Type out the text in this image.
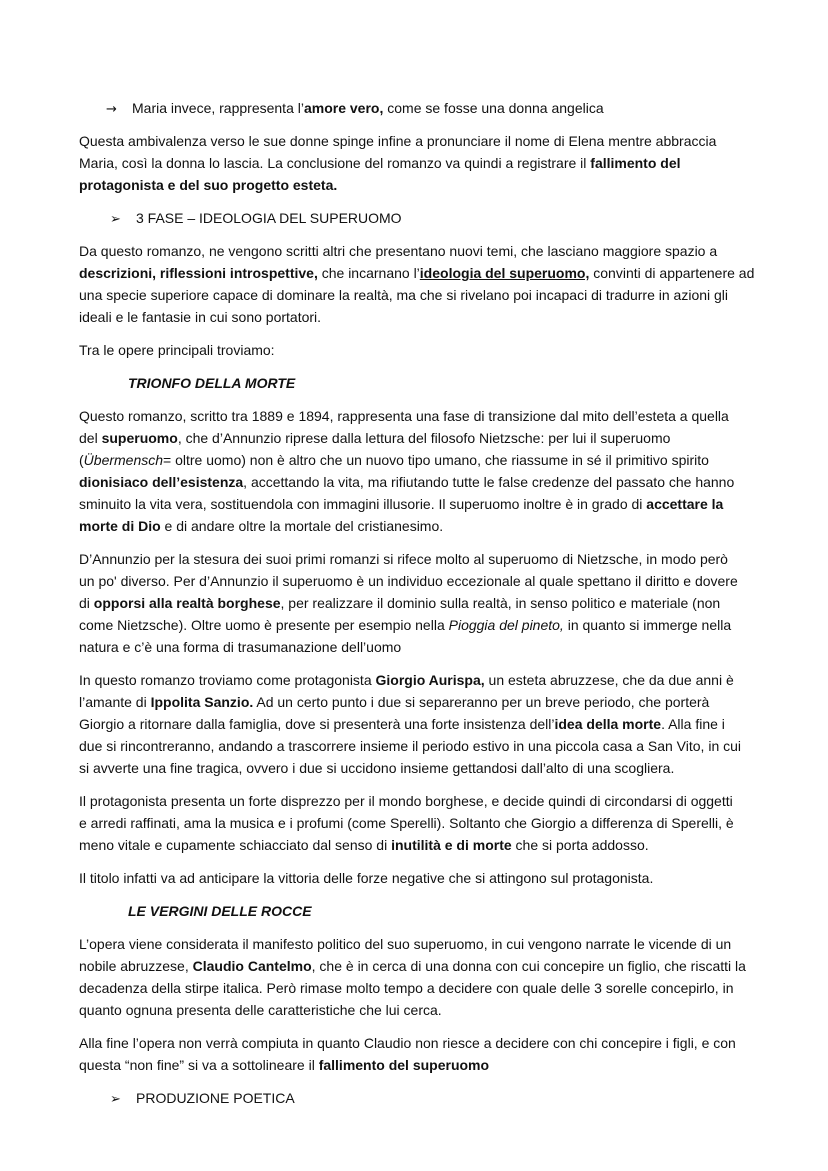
→ Maria invece, rappresenta l’amore vero, come se fosse una donna angelica
Questa ambivalenza verso le sue donne spinge infine a pronunciare il nome di Elena mentre abbraccia
Maria, così la donna lo lascia. La conclusione del romanzo va quindi a registrare il fallimento del
protagonista e del suo progetto esteta.
➢ 3 FASE – IDEOLOGIA DEL SUPERUOMO
Da questo romanzo, ne vengono scritti altri che presentano nuovi temi, che lasciano maggiore spazio a
descrizioni, riflessioni introspettive, che incarnano l’ideologia del superuomo, convinti di appartenere ad
una specie superiore capace di dominare la realtà, ma che si rivelano poi incapaci di tradurre in azioni gli
ideali e le fantasie in cui sono portatori.
Tra le opere principali troviamo:
TRIONFO DELLA MORTE
Questo romanzo, scritto tra 1889 e 1894, rappresenta una fase di transizione dal mito dell’esteta a quella
del superuomo, che d’Annunzio riprese dalla lettura del filosofo Nietzsche: per lui il superuomo
(Übermensch= oltre uomo) non è altro che un nuovo tipo umano, che riassume in sé il primitivo spirito
dionisiaco dell’esistenza, accettando la vita, ma rifiutando tutte le false credenze del passato che hanno
sminuito la vita vera, sostituendola con immagini illusorie. Il superuomo inoltre è in grado di accettare la
morte di Dio e di andare oltre la mortale del cristianesimo.
D’Annunzio per la stesura dei suoi primi romanzi si rifece molto al superuomo di Nietzsche, in modo però
un po' diverso. Per d’Annunzio il superuomo è un individuo eccezionale al quale spettano il diritto e dovere
di opporsi alla realtà borghese, per realizzare il dominio sulla realtà, in senso politico e materiale (non
come Nietzsche). Oltre uomo è presente per esempio nella Pioggia del pineto, in quanto si immerge nella
natura e c’è una forma di trasumanazione dell’uomo
In questo romanzo troviamo come protagonista Giorgio Aurispa, un esteta abruzzese, che da due anni è
l’amante di Ippolita Sanzio. Ad un certo punto i due si separeranno per un breve periodo, che porterà
Giorgio a ritornare dalla famiglia, dove si presenterà una forte insistenza dell’idea della morte. Alla fine i
due si rincontreranno, andando a trascorrere insieme il periodo estivo in una piccola casa a San Vito, in cui
si avverte una fine tragica, ovvero i due si uccidono insieme gettandosi dall’alto di una scogliera.
Il protagonista presenta un forte disprezzo per il mondo borghese, e decide quindi di circondarsi di oggetti
e arredi raffinati, ama la musica e i profumi (come Sperelli). Soltanto che Giorgio a differenza di Sperelli, è
meno vitale e cupamente schiacciato dal senso di inutilità e di morte che si porta addosso.
Il titolo infatti va ad anticipare la vittoria delle forze negative che si attingono sul protagonista.
LE VERGINI DELLE ROCCE
L’opera viene considerata il manifesto politico del suo superuomo, in cui vengono narrate le vicende di un
nobile abruzzese, Claudio Cantelmo, che è in cerca di una donna con cui concepire un figlio, che riscatti la
decadenza della stirpe italica. Però rimase molto tempo a decidere con quale delle 3 sorelle concepirlo, in
quanto ognuna presenta delle caratteristiche che lui cerca.
Alla fine l’opera non verrà compiuta in quanto Claudio non riesce a decidere con chi concepire i figli, e con
questa “non fine” si va a sottolineare il fallimento del superuomo
➢ PRODUZIONE POETICA
